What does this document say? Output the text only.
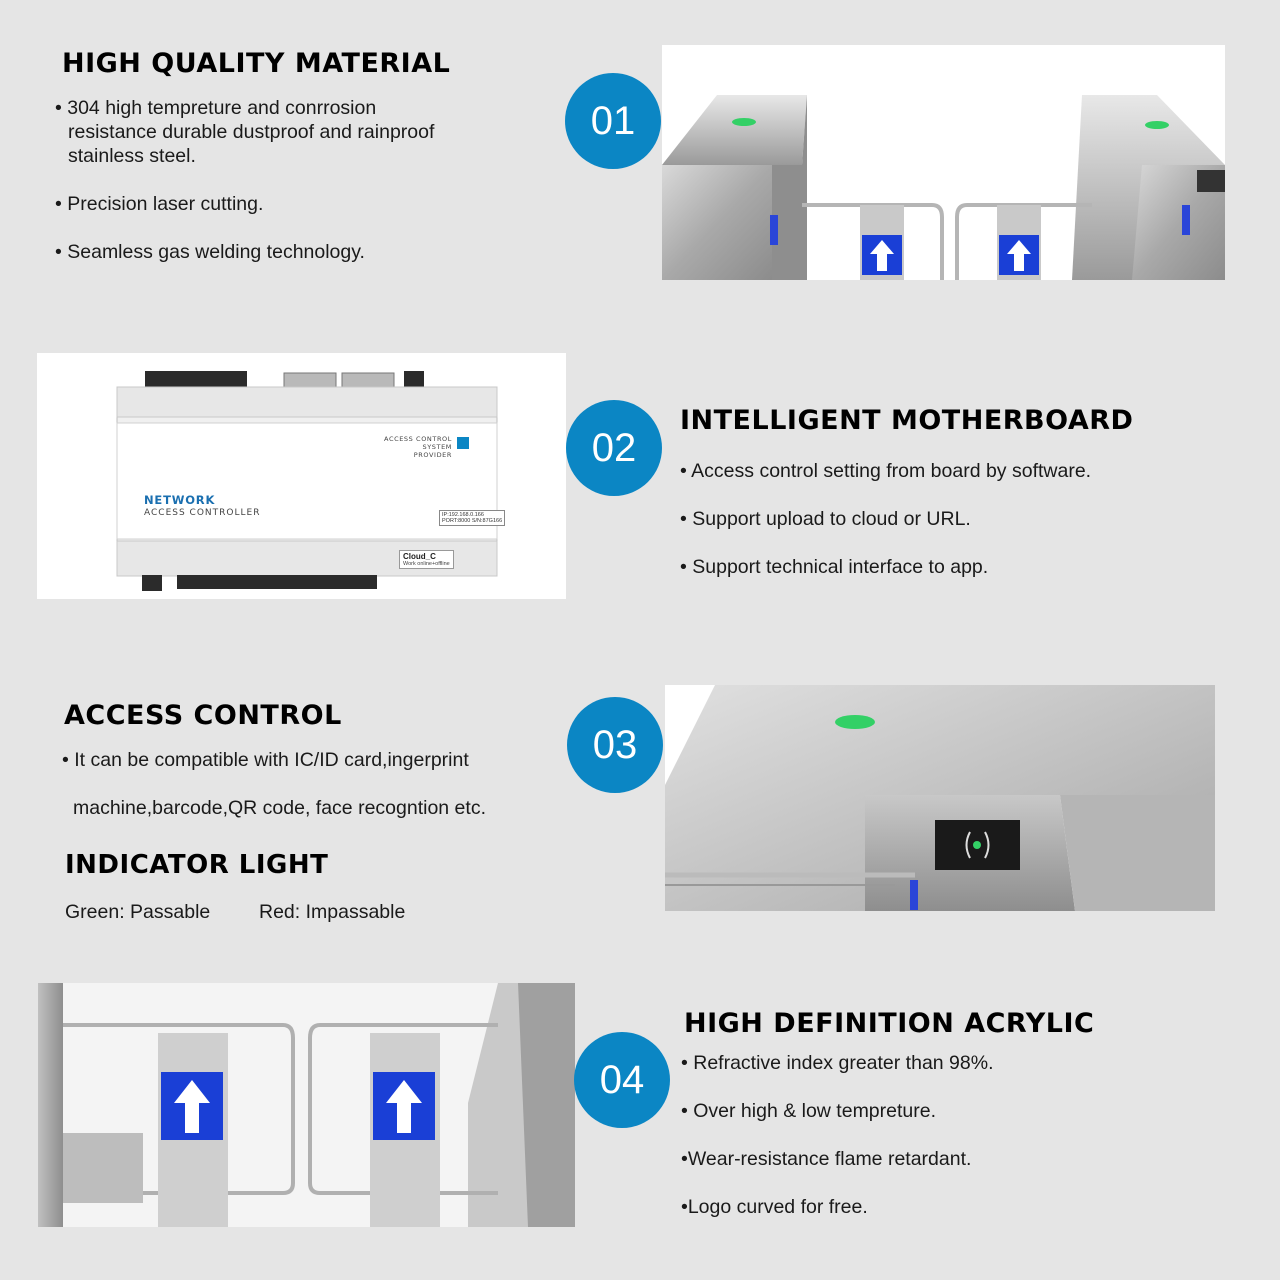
HIGH QUALITY MATERIAL
• 304 high tempreture and conrrosion
resistance durable dustproof and rainproof
stainless steel.
• Precision laser cutting.
• Seamless gas welding technology.
01
ACCESS CONTROL SYSTEM
PROVIDER
NETWORK
ACCESS CONTROLLER	IP:192.168.0.166
PORT:8000 S/N:87G166
Cloud_C
Work online+offline
02
INTELLIGENT MOTHERBOARD
• Access control setting from board by software.
• Support upload to cloud or URL.
• Support technical interface to app.
ACCESS CONTROL
• It can be compatible with IC/ID card,ingerprint
machine,barcode,QR code, face recogntion etc.
INDICATOR LIGHT
Green: Passable Red: Impassable
03
04
HIGH DEFINITION ACRYLIC
• Refractive index greater than 98%.
• Over high & low tempreture.
•Wear-resistance flame retardant.
•Logo curved for free.
